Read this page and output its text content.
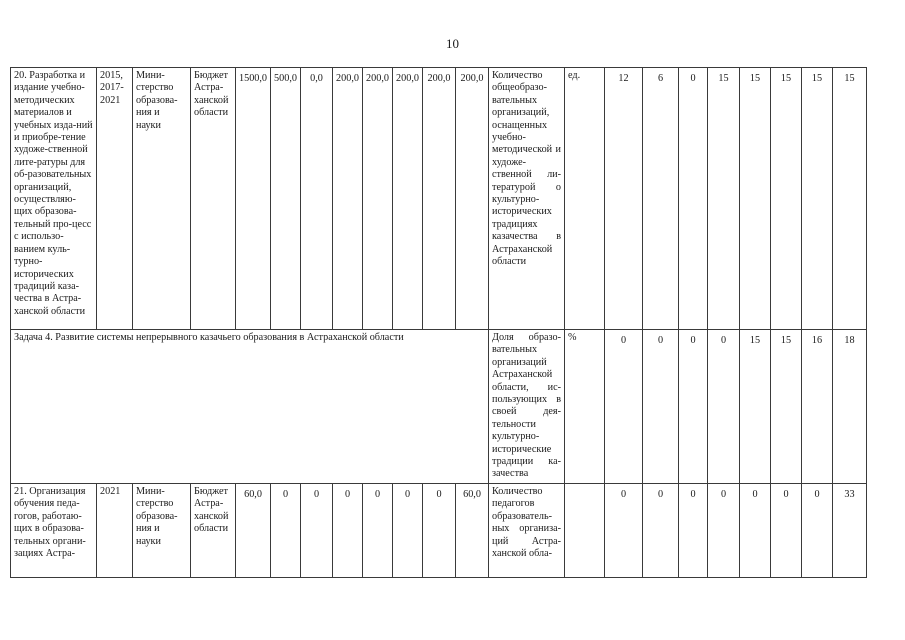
10
20. Разработка и издание учебно-методических материалов и учебных изда-ний и приобре-тение художе-ственной лите-ратуры для об-разовательных организаций, осуществляю-щих образова-тельный про-цесс с использо-ванием куль-турно-исторических традиций каза-чества в Астра-ханской области	2015, 2017-2021	Мини-стерство образова-ния и науки	Бюджет Астра-ханской области	1500,0	500,0	0,0	200,0	200,0	200,0	200,0	200,0	Количество общеобразо-вательных организаций, оснащенных учебно-методической и художе-ственной ли-тературой о культурно-исторических традициях казачества в Астраханской области	ед.	12	6	0	15	15	15	15	15
Задача 4. Развитие системы непрерывного казачьего образования в Астраханской области												Доля образо-вательных организаций Астраханской области, ис-пользующих в своей дея-тельности культурно-исторические традиции ка-зачества	%	0	0	0	0	15	15	16	18
21. Организация обучения педа-гогов, работаю-щих в образова-тельных органи-зациях Астра-	2021	Мини-стерство образова-ния и науки	Бюджет Астра-ханской области	60,0	0	0	0	0	0	0	60,0	Количество педагогов образователь-ных организа-ций Астра-ханской обла-		0	0	0	0	0	0	0	33
